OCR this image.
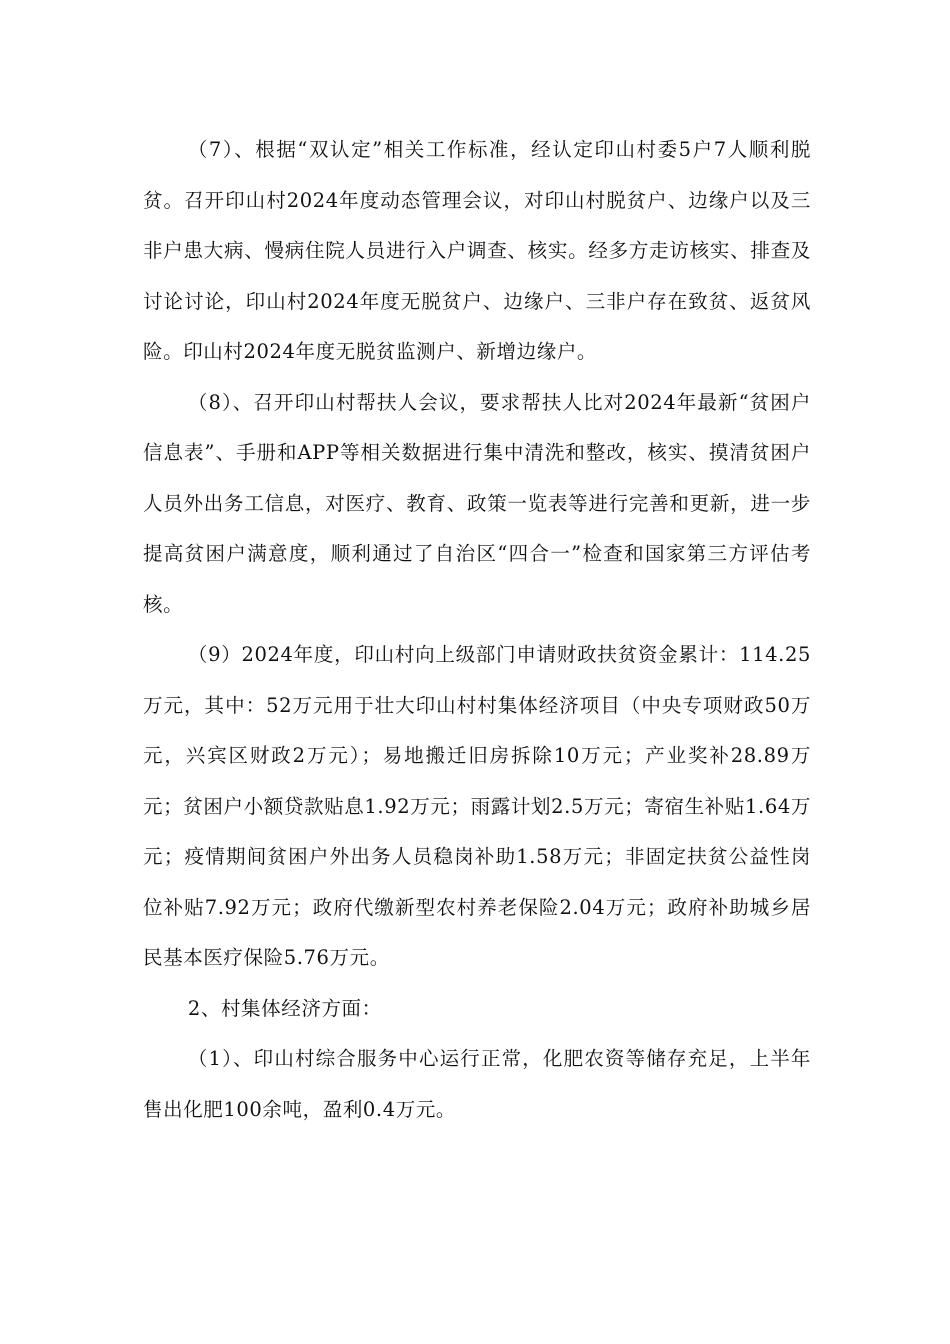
（7）、根据“双认定”相关工作标准，经认定印山村委5户7人顺利脱贫。召开印山村2024年度动态管理会议，对印山村脱贫户、边缘户以及三非户患大病、慢病住院人员进行入户调查、核实。经多方走访核实、排查及讨论讨论，印山村2024年度无脱贫户、边缘户、三非户存在致贫、返贫风险。印山村2024年度无脱贫监测户、新增边缘户。

（8）、召开印山村帮扶人会议，要求帮扶人比对2024年最新“贫困户信息表”、手册和APP等相关数据进行集中清洗和整改，核实、摸清贫困户人员外出务工信息，对医疗、教育、政策一览表等进行完善和更新，进一步提高贫困户满意度，顺利通过了自治区“四合一”检查和国家第三方评估考核。

（9）2024年度，印山村向上级部门申请财政扶贫资金累计：114.25万元，其中：52万元用于壮大印山村村集体经济项目（中央专项财政50万元，兴宾区财政2万元）；易地搬迁旧房拆除10万元；产业奖补28.89万元；贫困户小额贷款贴息1.92万元；雨露计划2.5万元；寄宿生补贴1.64万元；疫情期间贫困户外出务人员稳岗补助1.58万元；非固定扶贫公益性岗位补贴7.92万元；政府代缴新型农村养老保险2.04万元；政府补助城乡居民基本医疗保险5.76万元。

2、村集体经济方面：

（1）、印山村综合服务中心运行正常，化肥农资等储存充足，上半年售出化肥100余吨，盈利0.4万元。
